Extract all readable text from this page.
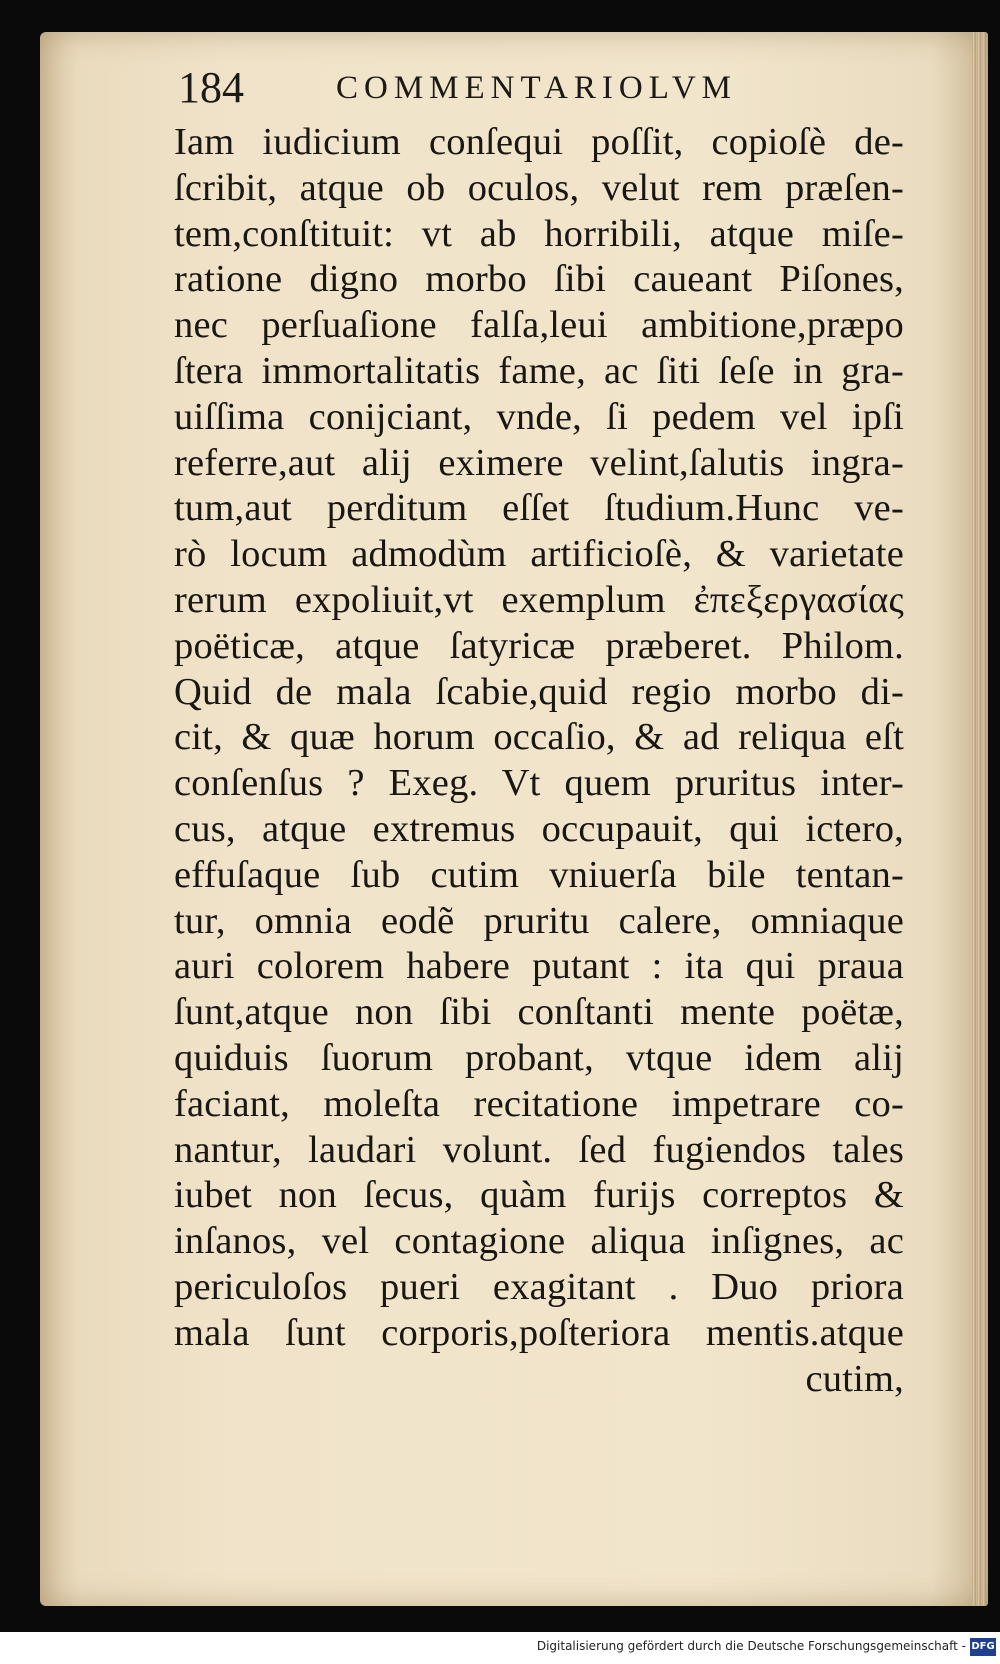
184	COMMENTARIOLVM
Iam iudicium conſequi poſſit, copioſè de-
ſcribit, atque ob oculos, velut rem præſen-
tem,conſtituit: vt ab horribili, atque miſe-
ratione digno morbo ſibi caueant Piſones,
nec perſuaſione falſa,leui ambitione,præpo
ſtera immortalitatis fame, ac ſiti ſeſe in gra-
uiſſima conijciant, vnde, ſi pedem vel ipſi
referre,aut alij eximere velint,ſalutis ingra-
tum,aut perditum eſſet ſtudium.Hunc ve-
rò locum admodùm artificioſè, & varietate
rerum expoliuit,vt exemplum ἐπεξεργασίας
poëticæ, atque ſatyricæ præberet. Philom.
Quid de mala ſcabie,quid regio morbo di-
cit, & quæ horum occaſio, & ad reliqua eſt
conſenſus ? Exeg. Vt quem pruritus inter-
cus, atque extremus occupauit, qui ictero,
effuſaque ſub cutim vniuerſa bile tentan-
tur, omnia eodẽ pruritu calere, omniaque
auri colorem habere putant : ita qui praua
ſunt,atque non ſibi conſtanti mente poëtæ,
quiduis ſuorum probant, vtque idem alij
faciant, moleſta recitatione impetrare co-
nantur, laudari volunt. ſed fugiendos tales
iubet non ſecus, quàm furijs correptos &
inſanos, vel contagione aliqua inſignes, ac
periculoſos pueri exagitant . Duo priora
mala ſunt corporis,poſteriora mentis.atque
cutim,
Digitalisierung gefördert durch die Deutsche Forschungsgemeinschaft - DFG
